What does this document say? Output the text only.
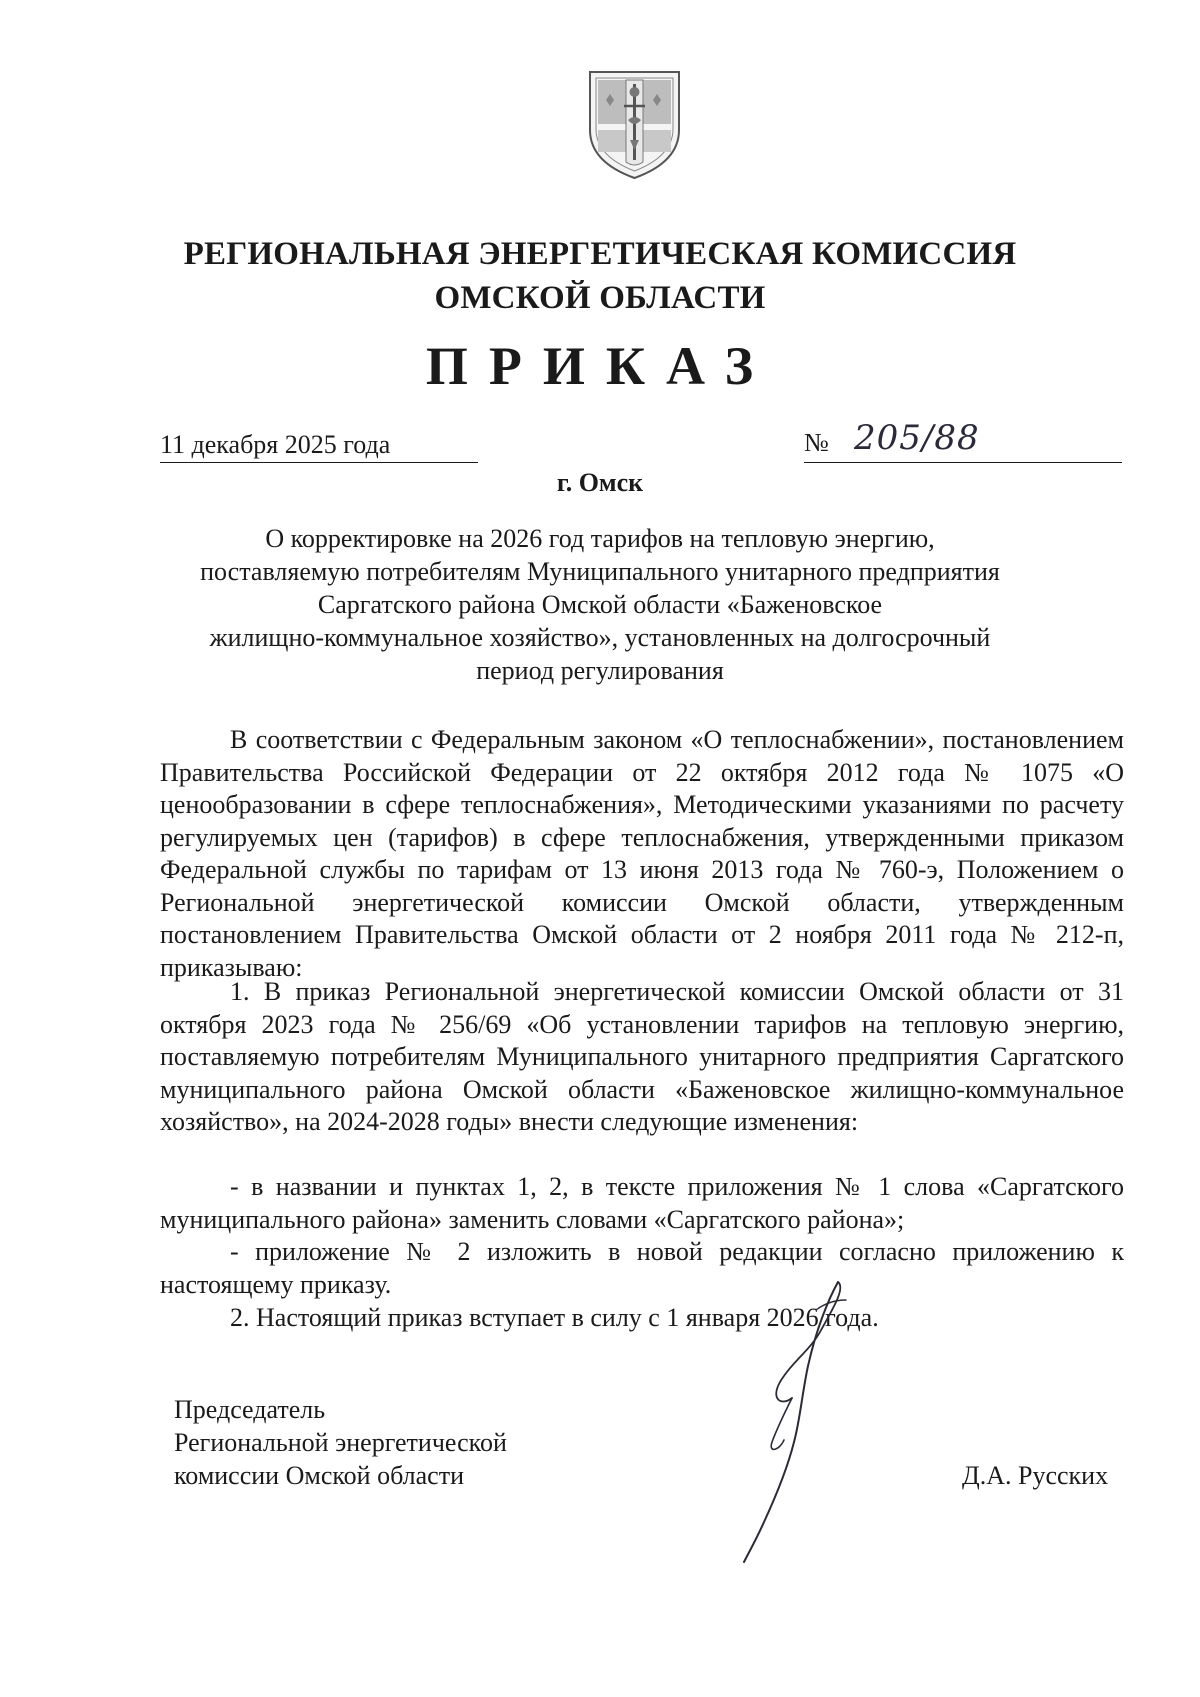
РЕГИОНАЛЬНАЯ ЭНЕРГЕТИЧЕСКАЯ КОМИССИЯ
ОМСКОЙ ОБЛАСТИ
ПРИКАЗ
11 декабря 2025 года	№ 205/88
г. Омск
О корректировке на 2026 год тарифов на тепловую энергию,
поставляемую потребителям Муниципального унитарного предприятия
Саргатского района Омской области «Баженовское
жилищно-коммунальное хозяйство», установленных на долгосрочный
период регулирования

В соответствии с Федеральным законом «О теплоснабжении», постановлением Правительства Российской Федерации от 22 октября 2012 года № 1075 «О ценообразовании в сфере теплоснабжения», Методическими указаниями по расчету регулируемых цен (тарифов) в сфере теплоснабжения, утвержденными приказом Федеральной службы по тарифам от 13 июня 2013 года № 760-э, Положением о Региональной энергетической комиссии Омской области, утвержденным постановлением Правительства Омской области от 2 ноября 2011 года № 212-п, приказываю:

1. В приказ Региональной энергетической комиссии Омской области от 31 октября 2023 года № 256/69 «Об установлении тарифов на тепловую энергию, поставляемую потребителям Муниципального унитарного предприятия Саргатского муниципального района Омской области «Баженовское жилищно-коммунальное хозяйство», на 2024-2028 годы» внести следующие изменения:

- в названии и пунктах 1, 2, в тексте приложения № 1 слова «Саргатского муниципального района» заменить словами «Саргатского района»;

- приложение № 2 изложить в новой редакции согласно приложению к настоящему приказу.

2. Настоящий приказ вступает в силу с 1 января 2026 года.

Председатель
Региональной энергетической
комиссии Омской области	Д.А. Русских
